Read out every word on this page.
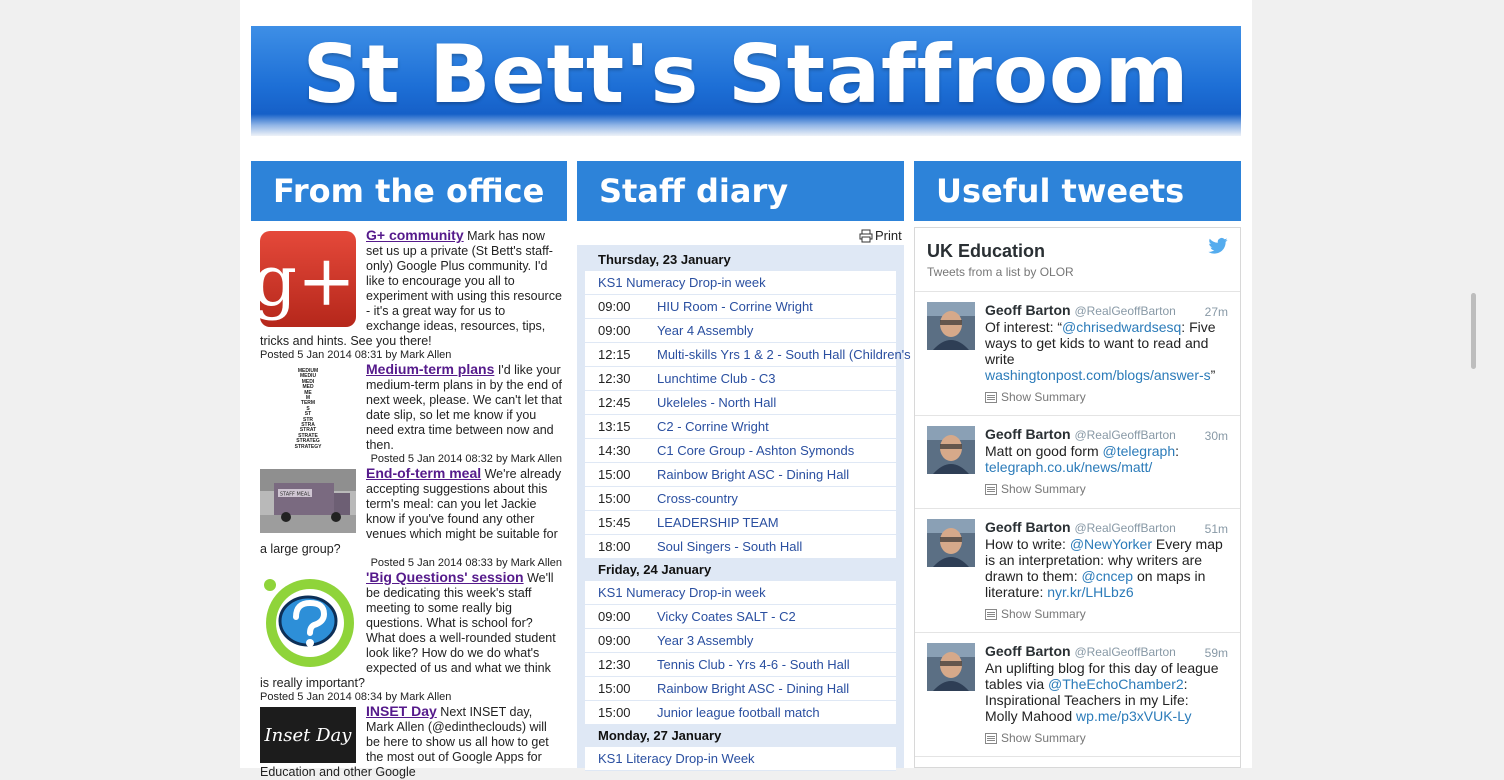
St Bett's Staffroom
From the office	Staff diary	Useful tweets
g+
G+ community Mark has now set us up a private (St Bett's staff-only) Google Plus community. I'd like to encourage you all to experiment with using this resource - it's a great way for us to exchange ideas, resources, tips, tricks and hints. See you there!
Posted 5 Jan 2014 08:31 by Mark Allen
MEDIUM
MEDIU
MEDI
MED
ME
M
TERM
S
ST
STR
STRA
STRAT
STRATE
STRATEG
STRATEGY
Medium-term plans I'd like your medium-term plans in by the end of next week, please. We can't let that date slip, so let me know if you need extra time between now and then.
Posted 5 Jan 2014 08:32 by Mark Allen
STAFF MEAL
End-of-term meal We're already accepting suggestions about this term's meal: can you let Jackie know if you've found any other venues which might be suitable for a large group?
Posted 5 Jan 2014 08:33 by Mark Allen
'Big Questions' session We'll be dedicating this week's staff meeting to some really big questions. What is school for? What does a well-rounded student look like? How do we do what's expected of us and what we think is really important?
Posted 5 Jan 2014 08:34 by Mark Allen
Inset Day
INSET Day Next INSET day, Mark Allen (@edintheclouds) will be here to show us all how to get the most out of Google Apps for Education and other Google
Print
Thursday, 23 January
KS1 Numeracy Drop-in week
09:00 HIU Room - Corrine Wright
09:00 Year 4 Assembly
12:15 Multi-skills Yrs 1 & 2 - South Hall (Children's
12:30 Lunchtime Club - C3
12:45 Ukeleles - North Hall
13:15 C2 - Corrine Wright
14:30 C1 Core Group - Ashton Symonds
15:00 Rainbow Bright ASC - Dining Hall
15:00 Cross-country
15:45 LEADERSHIP TEAM
18:00 Soul Singers - South Hall
Friday, 24 January
KS1 Numeracy Drop-in week
09:00 Vicky Coates SALT - C2
09:00 Year 3 Assembly
12:30 Tennis Club - Yrs 4-6 - South Hall
15:00 Rainbow Bright ASC - Dining Hall
15:00 Junior league football match
Monday, 27 January
KS1 Literacy Drop-in Week
UK Education
Tweets from a list by OLOR
27m
Geoff Barton @RealGeoffBarton
Of interest: “@chrisedwardsesq: Five ways to get kids to want to read and write washingtonpost.com/blogs/answer-s”
Show Summary
30m
Geoff Barton @RealGeoffBarton
Matt on good form @telegraph: telegraph.co.uk/news/matt/
Show Summary
51m
Geoff Barton @RealGeoffBarton
How to write: @NewYorker Every map is an interpretation: why writers are drawn to them: @cncep on maps in literature: nyr.kr/LHLbz6
Show Summary
59m
Geoff Barton @RealGeoffBarton
An uplifting blog for this day of league tables via @TheEchoChamber2: Inspirational Teachers in my Life: Molly Mahood wp.me/p3xVUK-Ly
Show Summary
